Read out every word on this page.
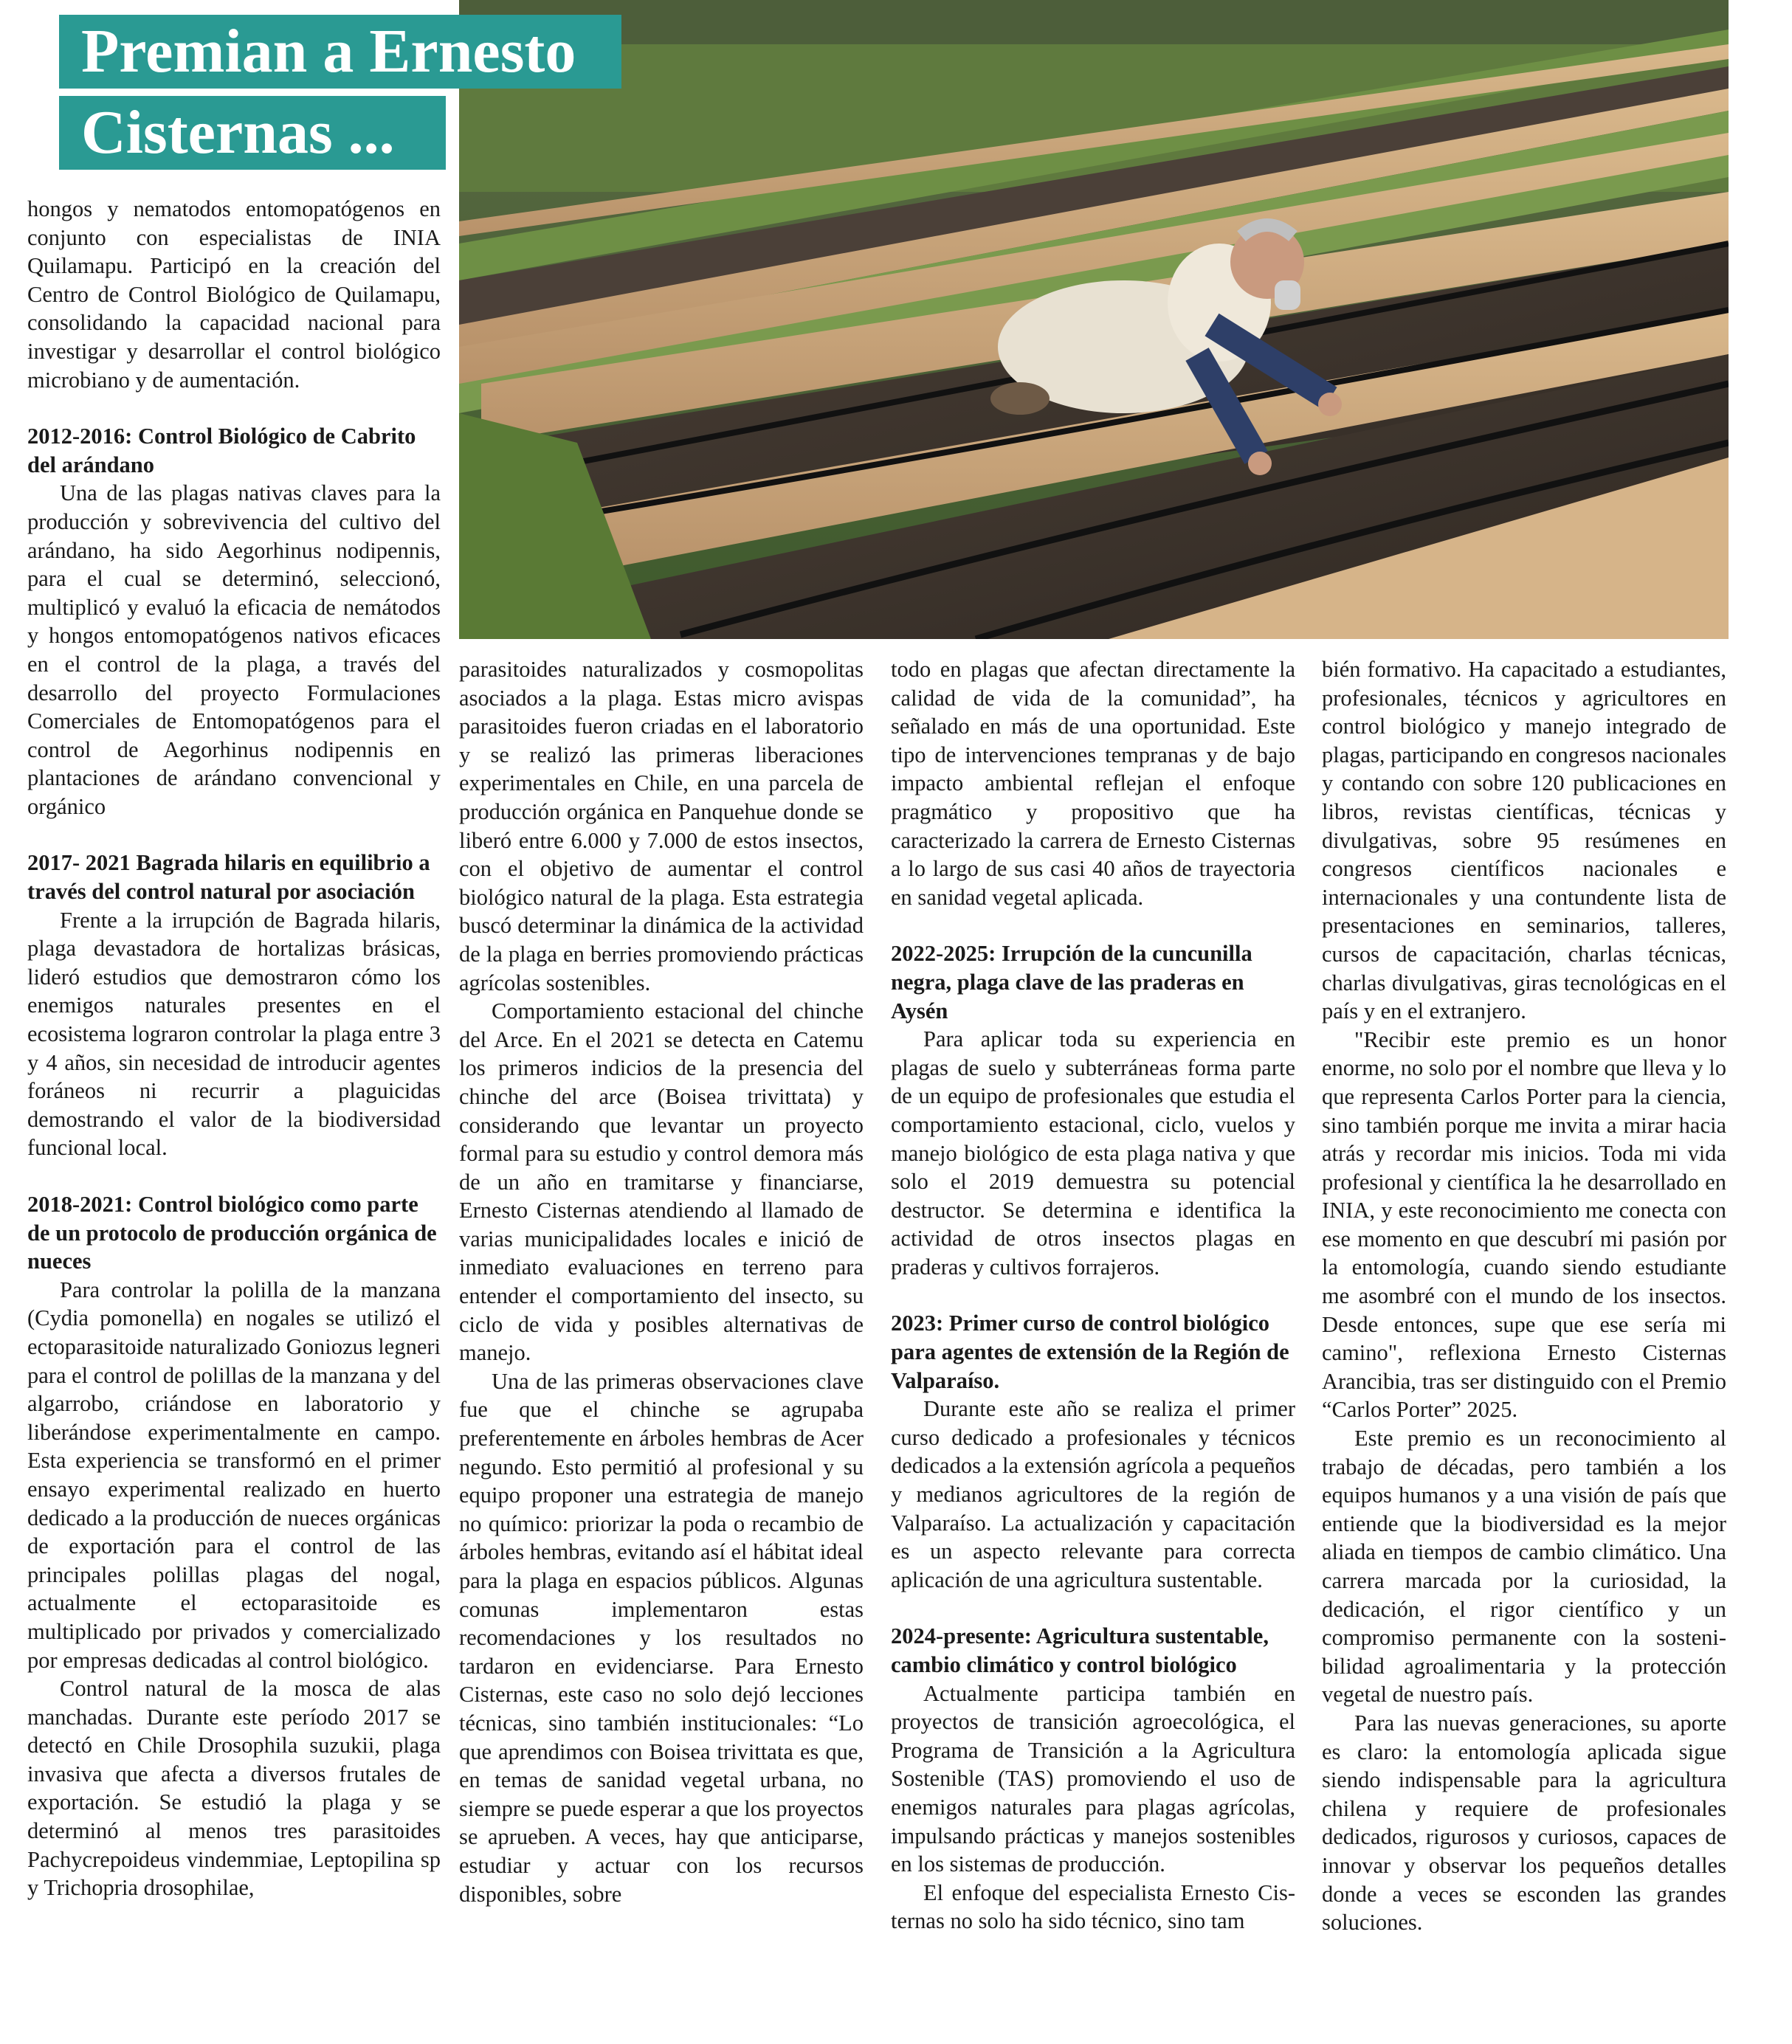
Premian a Ernesto
Cisternas ...

hongos y nematodos entomopatógenos en conjunto con especialistas de INIA Quilamapu. Participó en la creación del Centro de Control Biológico de Quilamapu, consolidando la capacidad nacional para investigar y desarrollar el control biológico microbiano y de aumentación.

2012-2016: Control Biológico de Cabrito del arándano

Una de las plagas nativas claves para la producción y sobrevivencia del cultivo del arándano, ha sido Aegorhinus nodipennis, para el cual se determinó, seleccionó, multiplicó y evaluó la eficacia de nemátodos y hongos entomopatógenos nativos eficaces en el control de la plaga, a través del desarrollo del proyecto Formulaciones Comerciales de Entomopatógenos para el control de Aegorhinus nodipennis en plantaciones de arándano convencional y orgánico

2017- 2021 Bagrada hilaris en equilibrio a través del control natural por asociación

Frente a la irrupción de Bagrada hilaris, plaga devastadora de hortalizas brásicas, lideró estudios que demostraron cómo los enemigos naturales presentes en el ecosistema lograron controlar la plaga entre 3 y 4 años, sin necesidad de introducir agentes foráneos ni recurrir a plaguicidas demostrando el valor de la biodiversidad funcional local.

2018-2021: Control biológico como parte de un protocolo de producción orgánica de nueces

Para controlar la polilla de la manzana (Cydia pomonella) en nogales se utilizó el ectoparasitoide naturalizado Goniozus legneri para el control de polillas de la manzana y del algarrobo, criándose en laboratorio y liberándose experimentalmente en campo. Esta experiencia se transformó en el primer ensayo experimental realizado en huerto dedicado a la producción de nueces orgánicas de exportación para el control de las principales polillas plagas del nogal, actualmente el ectoparasitoide es multiplicado por privados y comercializado por empresas dedicadas al control biológico.

Control natural de la mosca de alas manchadas. Durante este período 2017 se detectó en Chile Drosophila suzukii, plaga invasiva que afecta a diversos frutales de exportación. Se estudió la plaga y se determinó al menos tres parasitoides Pachycrepoideus vindemmiae, Leptopilina sp y Trichopria drosophilae,

parasitoides naturalizados y cosmopolitas asociados a la plaga. Estas micro avispas parasitoides fueron criadas en el laboratorio y se realizó las primeras liberaciones experimentales en Chile, en una parcela de producción orgánica en Panquehue donde se liberó entre 6.000 y 7.000 de estos insectos, con el objetivo de aumentar el control biológico natural de la plaga. Esta estrategia buscó determinar la dinámica de la actividad de la plaga en berries promoviendo prácticas agrícolas sostenibles.

Comportamiento estacional del chinche del Arce. En el 2021 se detecta en Catemu los primeros indicios de la presencia del chinche del arce (Boisea trivittata) y considerando que levantar un proyecto formal para su estudio y control demora más de un año en tramitarse y financiarse, Ernesto Cisternas atendiendo al llamado de varias municipalidades locales e inició de inmediato evaluaciones en terreno para entender el comportamiento del insecto, su ciclo de vida y posibles alternativas de manejo.

Una de las primeras observaciones clave fue que el chinche se agrupaba preferentemente en árboles hembras de Acer negundo. Esto permitió al profesional y su equipo proponer una estrategia de manejo no químico: priorizar la poda o recambio de árboles hembras, evitando así el hábitat ideal para la plaga en espacios públicos. Algunas comunas implementaron estas recomendaciones y los resultados no tardaron en evidenciarse. Para Ernesto Cisternas, este caso no solo dejó lecciones técnicas, sino también institucionales: “Lo que aprendimos con Boisea trivittata es que, en temas de sanidad vegetal urbana, no siempre se puede esperar a que los proyectos se aprueben. A veces, hay que anticiparse, estudiar y actuar con los recursos disponibles, sobre

todo en plagas que afectan directamente la calidad de vida de la comunidad”, ha señalado en más de una oportunidad. Este tipo de intervenciones tempranas y de bajo impacto ambiental reflejan el enfoque pragmático y propositivo que ha caracterizado la carrera de Ernesto Cisternas a lo largo de sus casi 40 años de trayectoria en sanidad vegetal aplicada.

2022-2025: Irrupción de la cuncunilla negra, plaga clave de las praderas en Aysén

Para aplicar toda su experiencia en plagas de suelo y subterráneas forma parte de un equipo de profesionales que estudia el comportamiento estacional, ciclo, vuelos y manejo biológico de esta plaga nativa y que solo el 2019 demuestra su potencial destructor. Se determina e identifica la actividad de otros insectos plagas en praderas y cultivos forrajeros.

2023: Primer curso de control biológico para agentes de extensión de la Región de Valparaíso.

Durante este año se realiza el primer curso dedicado a profesionales y técnicos dedicados a la extensión agrícola a pequeños y medianos agricultores de la región de Valparaíso. La actualización y capacitación es un aspecto relevante para correcta aplicación de una agricultura sustentable.

2024-presente: Agricultura sustentable, cambio climático y control biológico

Actualmente participa también en proyectos de transición agroecológica, el Programa de Transición a la Agricultura Sostenible (TAS) promoviendo el uso de enemigos naturales para plagas agrícolas, impulsando prácticas y manejos sostenibles en los sistemas de producción.

El enfoque del especialista Ernesto Cisternas no solo ha sido técnico, sino tam

bién formativo. Ha capacitado a estudiantes, profesionales, técnicos y agricultores en control biológico y manejo integrado de plagas, participando en congresos nacionales y contando con sobre 120 publicaciones en libros, revistas científicas, técnicas y divulgativas, sobre 95 resúmenes en congresos científicos nacionales e internacionales y una contundente lista de presentaciones en seminarios, talleres, cursos de capacitación, charlas técnicas, charlas divulgativas, giras tecnológicas en el país y en el extranjero.

"Recibir este premio es un honor enorme, no solo por el nombre que lleva y lo que representa Carlos Porter para la ciencia, sino también porque me invita a mirar hacia atrás y recordar mis inicios. Toda mi vida profesional y científica la he desarrollado en INIA, y este reconocimiento me conecta con ese momento en que descubrí mi pasión por la entomología, cuando siendo estudiante me asombré con el mundo de los insectos. Desde entonces, supe que ese sería mi camino", reflexiona Ernesto Cisternas Arancibia, tras ser distinguido con el Premio “Carlos Porter” 2025.

Este premio es un reconocimiento al trabajo de décadas, pero también a los equipos humanos y a una visión de país que entiende que la biodiversidad es la mejor aliada en tiempos de cambio climático. Una carrera marcada por la curiosidad, la dedicación, el rigor científico y un compromiso permanente con la sostenibilidad agroalimentaria y la protección vegetal de nuestro país.

Para las nuevas generaciones, su aporte es claro: la entomología aplicada sigue siendo indispensable para la agricultura chilena y requiere de profesionales dedicados, rigurosos y curiosos, capaces de innovar y observar los pequeños detalles donde a veces se esconden las grandes soluciones.
